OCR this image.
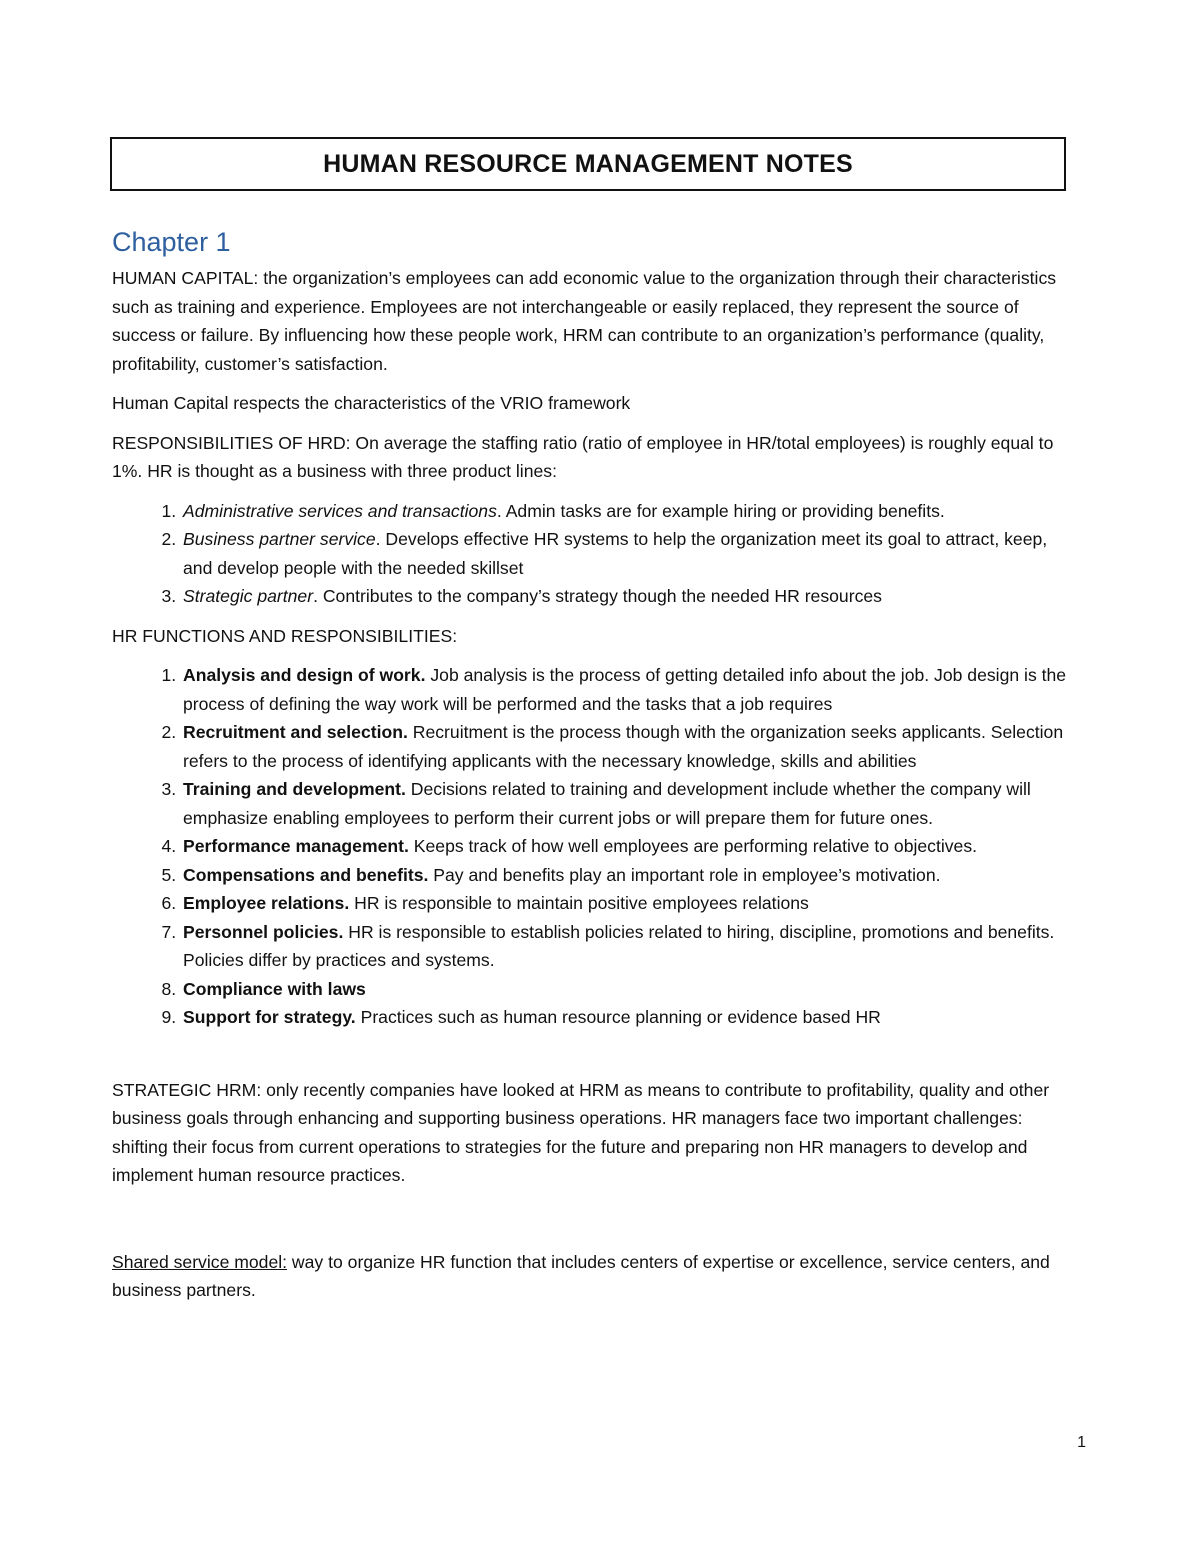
HUMAN RESOURCE MANAGEMENT NOTES
Chapter 1

HUMAN CAPITAL: the organization’s employees can add economic value to the organization through their characteristics such as training and experience. Employees are not interchangeable or easily replaced, they represent the source of success or failure. By influencing how these people work, HRM can contribute to an organization’s performance (quality, profitability, customer’s satisfaction.

Human Capital respects the characteristics of the VRIO framework

RESPONSIBILITIES OF HRD: On average the staffing ratio (ratio of employee in HR/total employees) is roughly equal to 1%. HR is thought as a business with three product lines:

1. Administrative services and transactions. Admin tasks are for example hiring or providing benefits.
2. Business partner service. Develops effective HR systems to help the organization meet its goal to attract, keep, and develop people with the needed skillset
3. Strategic partner. Contributes to the company’s strategy though the needed HR resources

HR FUNCTIONS AND RESPONSIBILITIES:

1. Analysis and design of work. Job analysis is the process of getting detailed info about the job. Job design is the process of defining the way work will be performed and the tasks that a job requires
2. Recruitment and selection. Recruitment is the process though with the organization seeks applicants. Selection refers to the process of identifying applicants with the necessary knowledge, skills and abilities
3. Training and development. Decisions related to training and development include whether the company will emphasize enabling employees to perform their current jobs or will prepare them for future ones.
4. Performance management. Keeps track of how well employees are performing relative to objectives.
5. Compensations and benefits. Pay and benefits play an important role in employee’s motivation.
6. Employee relations. HR is responsible to maintain positive employees relations
7. Personnel policies. HR is responsible to establish policies related to hiring, discipline, promotions and benefits. Policies differ by practices and systems.
8. Compliance with laws
9. Support for strategy. Practices such as human resource planning or evidence based HR

STRATEGIC HRM: only recently companies have looked at HRM as means to contribute to profitability, quality and other business goals through enhancing and supporting business operations. HR managers face two important challenges: shifting their focus from current operations to strategies for the future and preparing non HR managers to develop and implement human resource practices.

Shared service model: way to organize HR function that includes centers of expertise or excellence, service centers, and business partners.

1
